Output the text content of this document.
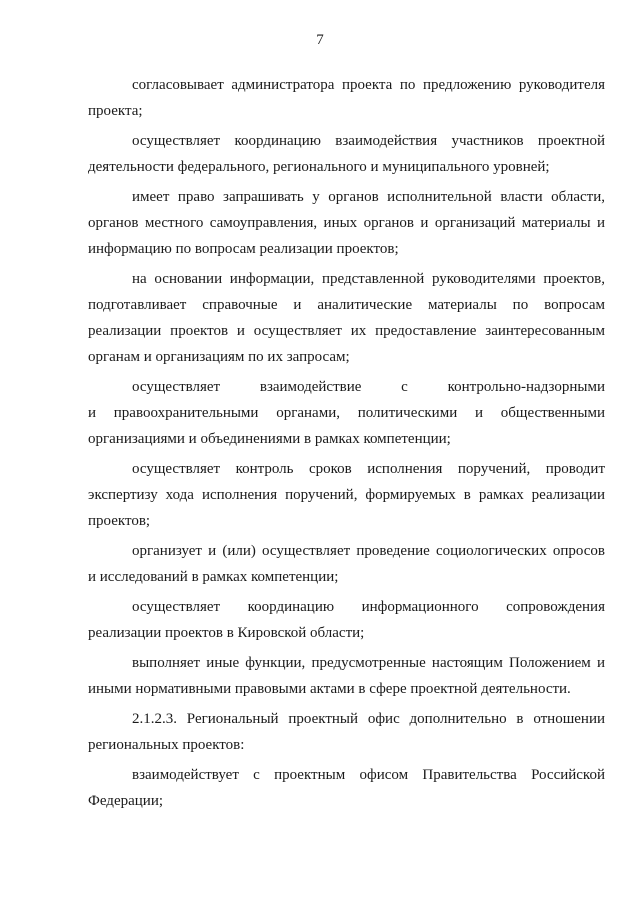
7
согласовывает администратора проекта по предложению руководителя
проекта;
осуществляет координацию взаимодействия участников проектной
деятельности федерального, регионального и муниципального уровней;
имеет право запрашивать у органов исполнительной власти области,
органов местного самоуправления, иных органов и организаций материалы и
информацию по вопросам реализации проектов;
на основании информации, представленной руководителями проектов,
подготавливает справочные и аналитические материалы по вопросам
реализации проектов и осуществляет их предоставление заинтересованным
органам и организациям по их запросам;
осуществляет взаимодействие с контрольно-надзорными
и правоохранительными органами, политическими и общественными
организациями и объединениями в рамках компетенции;
осуществляет контроль сроков исполнения поручений, проводит
экспертизу хода исполнения поручений, формируемых в рамках реализации
проектов;
организует и (или) осуществляет проведение социологических опросов
и исследований в рамках компетенции;
осуществляет координацию информационного сопровождения
реализации проектов в Кировской области;
выполняет иные функции, предусмотренные настоящим Положением и
иными нормативными правовыми актами в сфере проектной деятельности.
2.1.2.3. Региональный проектный офис дополнительно в отношении
региональных проектов:
взаимодействует с проектным офисом Правительства Российской
Федерации;
